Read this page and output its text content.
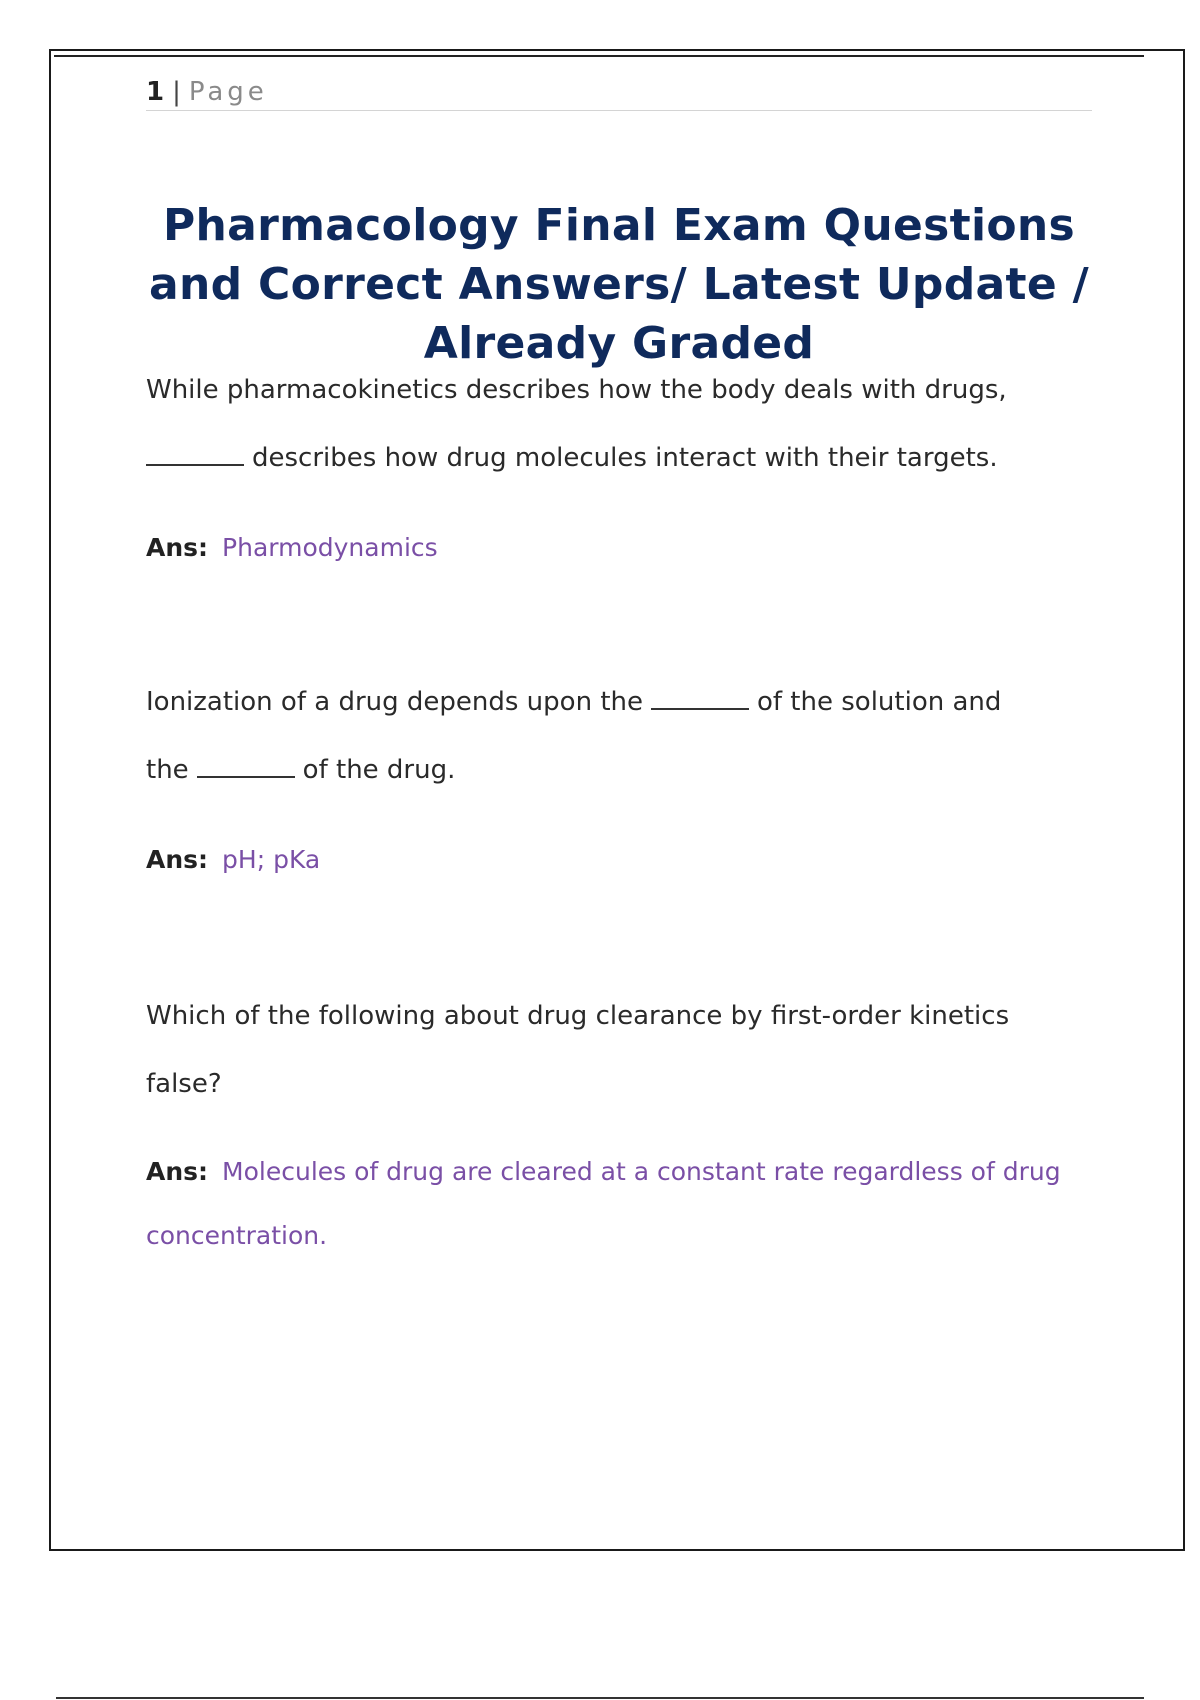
1 | Page
Pharmacology Final Exam Questions and Correct Answers/ Latest Update / Already Graded
While pharmacokinetics describes how the body deals with drugs,
describes how drug molecules interact with their targets.
Ans: Pharmodynamics
Ionization of a drug depends upon the	of the solution and
the	of the drug.
Ans: pH; pKa
Which of the following about drug clearance by first-order kinetics
false?
Ans: Molecules of drug are cleared at a constant rate regardless of drug concentration.
